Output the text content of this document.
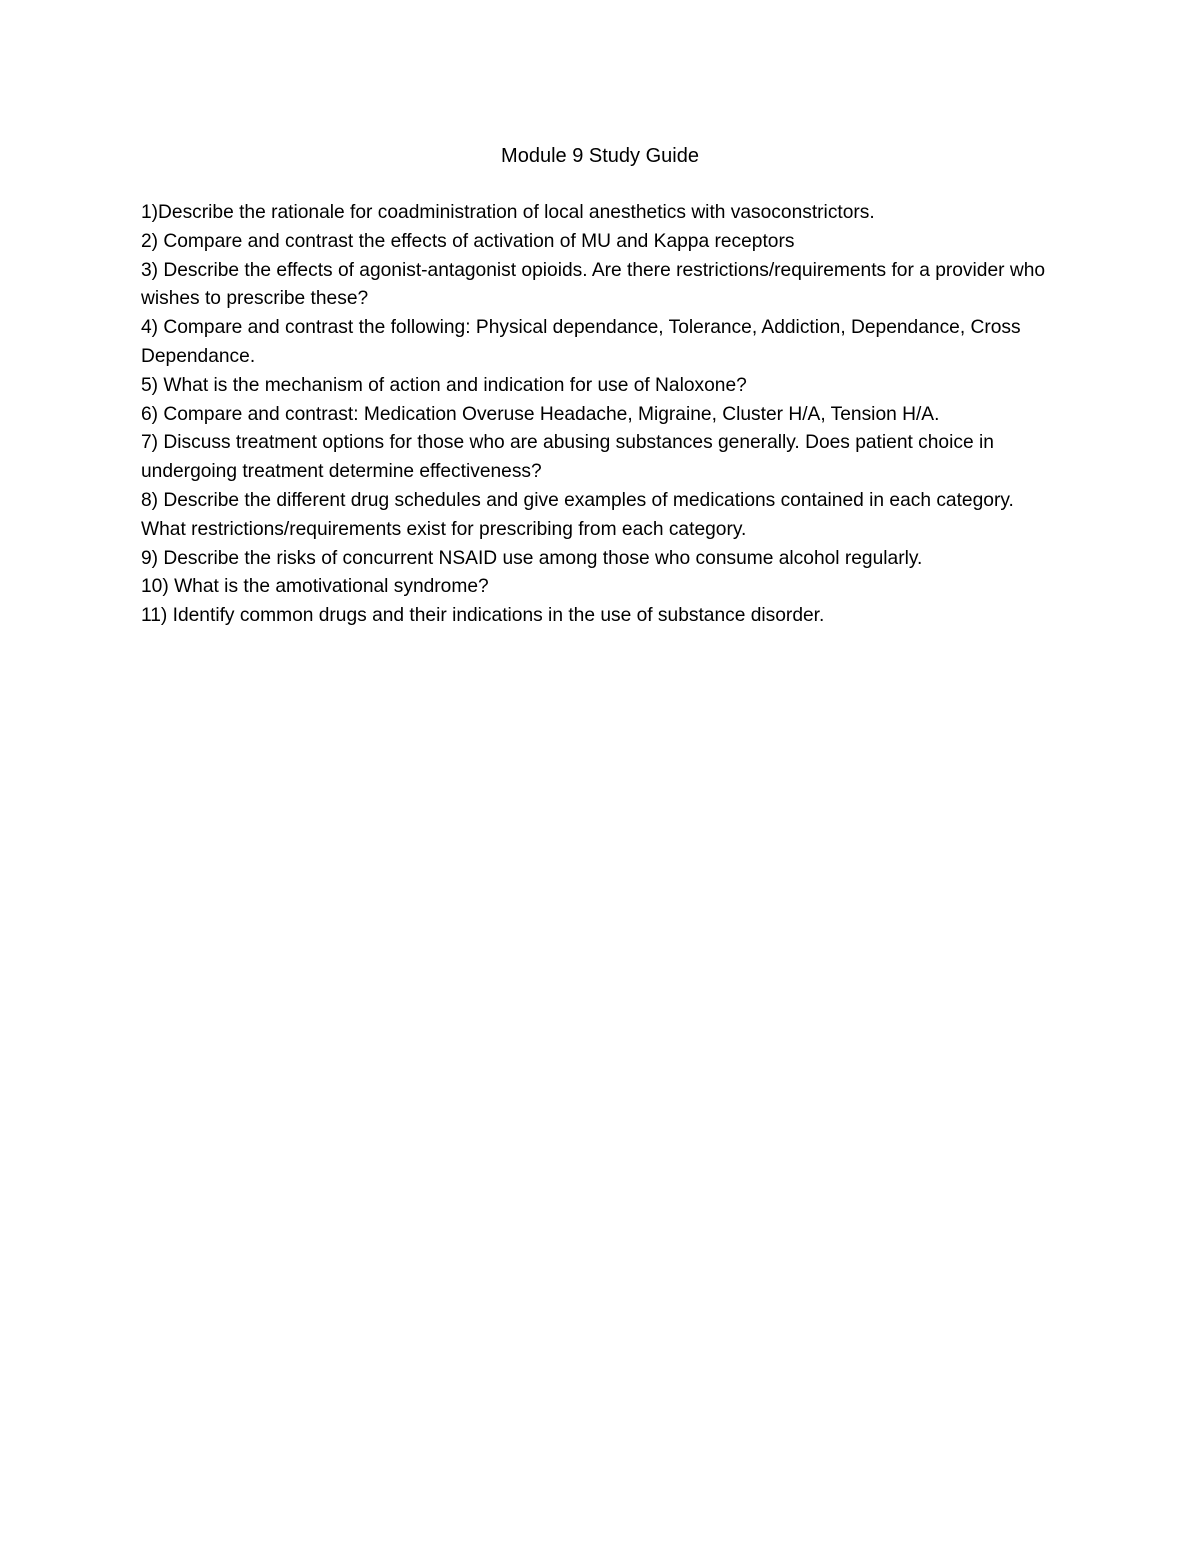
Module 9 Study Guide
1)Describe the rationale for coadministration of local anesthetics with vasoconstrictors.
2) Compare and contrast the effects of activation of MU and Kappa receptors
3) Describe the effects of agonist-antagonist opioids. Are there restrictions/requirements for a provider who wishes to prescribe these?
4) Compare and contrast the following: Physical dependance, Tolerance, Addiction, Dependance, Cross Dependance.
5) What is the mechanism of action and indication for use of Naloxone?
6) Compare and contrast: Medication Overuse Headache, Migraine, Cluster H/A, Tension H/A.
7) Discuss treatment options for those who are abusing substances generally. Does patient choice in undergoing treatment determine effectiveness?
8) Describe the different drug schedules and give examples of medications contained in each category. What restrictions/requirements exist for prescribing from each category.
9) Describe the risks of concurrent NSAID use among those who consume alcohol regularly.
10) What is the amotivational syndrome?
11) Identify common drugs and their indications in the use of substance disorder.
